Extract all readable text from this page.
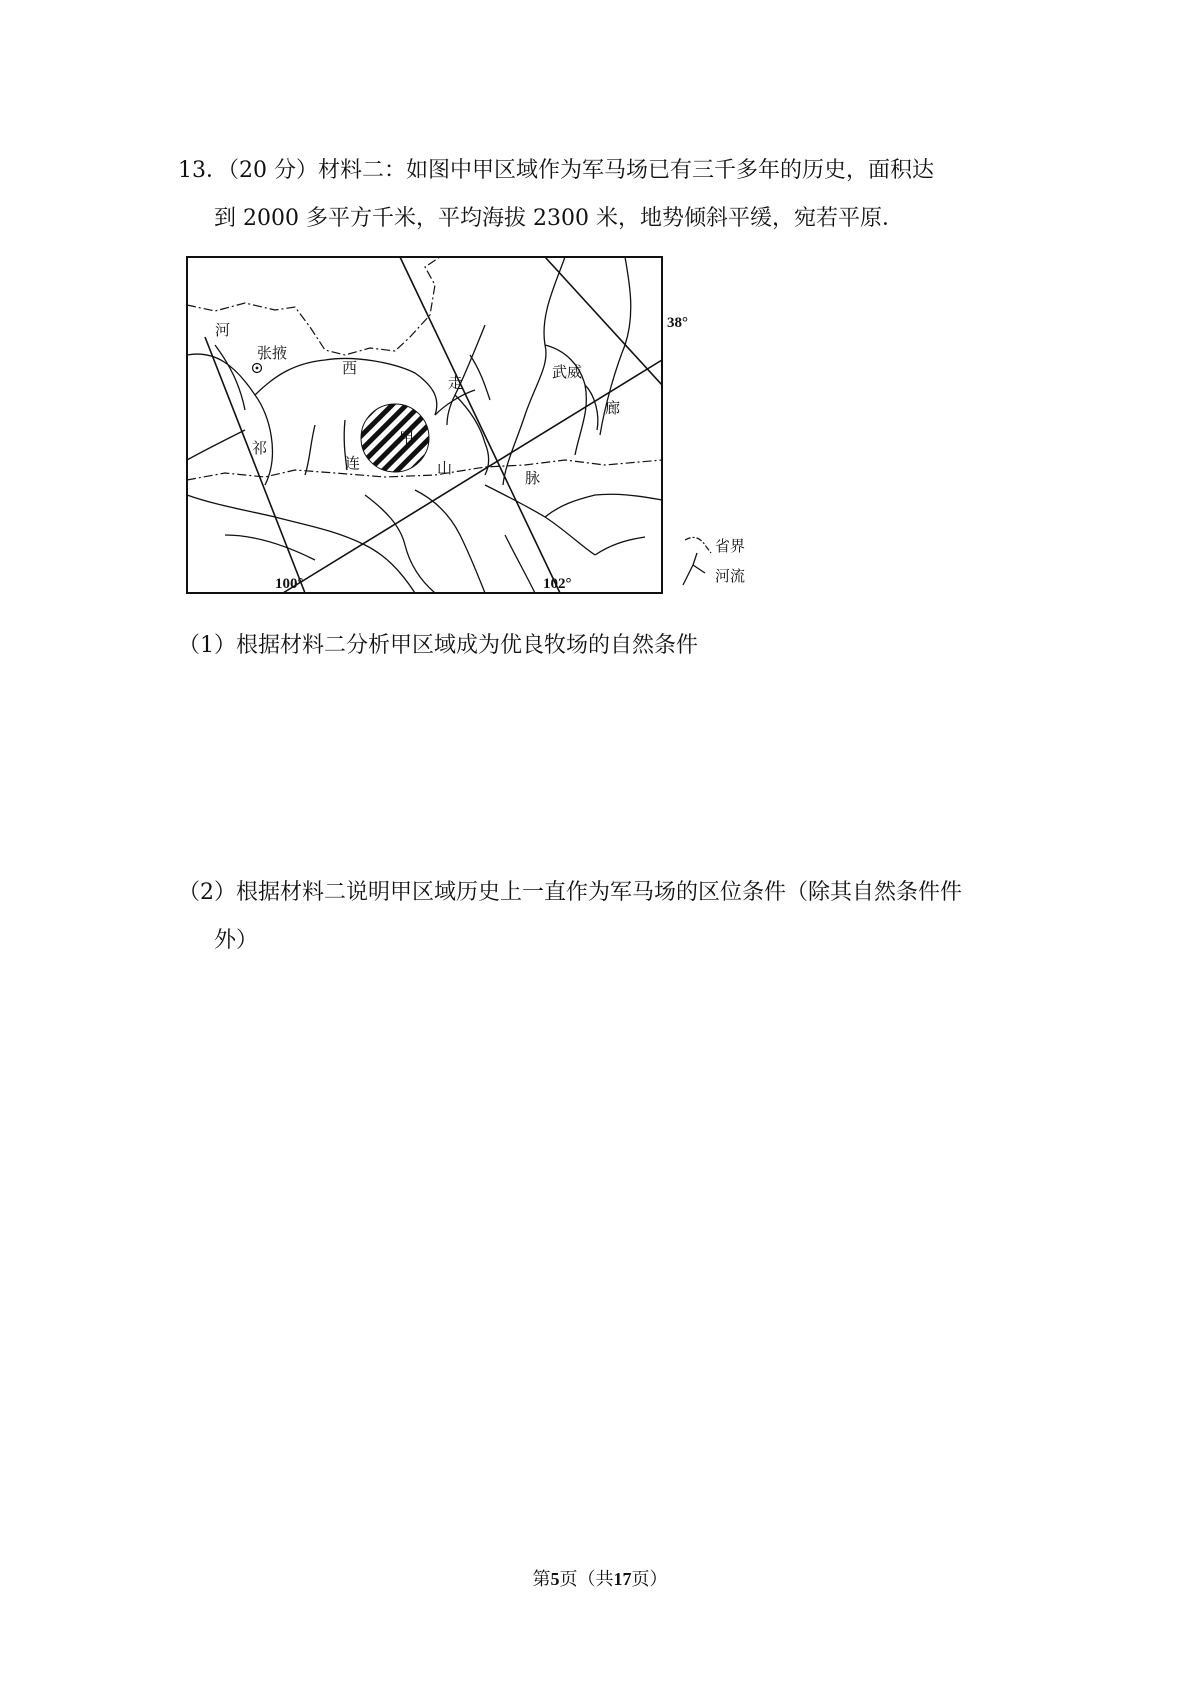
13．（20 分）材料二：如图中甲区域作为军马场已有三千多年的历史，面积达
到 2000 多平方千米，平均海拔 2300 米，地势倾斜平缓，宛若平原．
河
张掖
西
走
武威
廊
祁
甲
连	山
脉
38°
100°	102°
省界
河流
（1）根据材料二分析甲区域成为优良牧场的自然条件
（2）根据材料二说明甲区域历史上一直作为军马场的区位条件（除其自然条件件
外）
第5页（共17页）
